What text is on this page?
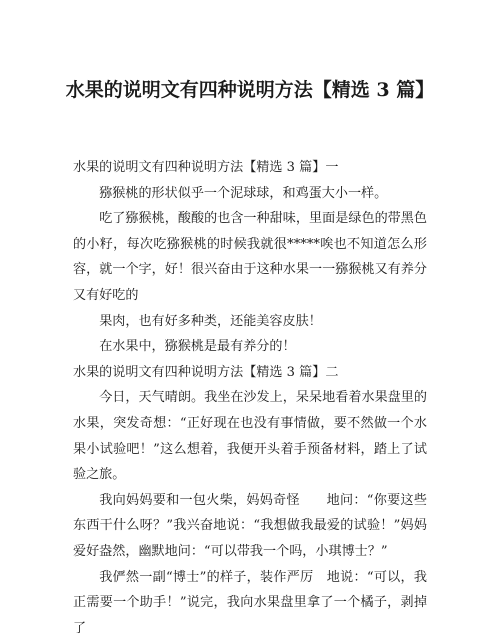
水果的说明文有四种说明方法【精选 3 篇】

水果的说明文有四种说明方法【精选 3 篇】一

猕猴桃的形状似乎一个泥球球，和鸡蛋大小一样。

吃了猕猴桃，酸酸的也含一种甜味，里面是绿色的带黑色的小籽，每次吃猕猴桃的时候我就很*****唉也不知道怎么形容，就一个字，好！很兴奋由于这种水果一一猕猴桃又有养分又有好吃的

果肉，也有好多种类，还能美容皮肤！

在水果中，猕猴桃是最有养分的！

水果的说明文有四种说明方法【精选 3 篇】二

今日，天气晴朗。我坐在沙发上，呆呆地看着水果盘里的水果，突发奇想：“正好现在也没有事情做，要不然做一个水果小试验吧！”这么想着，我便开头着手预备材料，踏上了试验之旅。

我向妈妈要和一包火柴，妈妈奇怪　　地问：“你要这些东西干什么呀？”我兴奋地说：“我想做我最爱的试验！”妈妈爱好盎然，幽默地问：“可以带我一个吗，小琪博士？”

我俨然一副“博士”的样子，装作严厉　地说：“可以，我正需要一个助手！”说完，我向水果盘里拿了一个橘子，剥掉了
